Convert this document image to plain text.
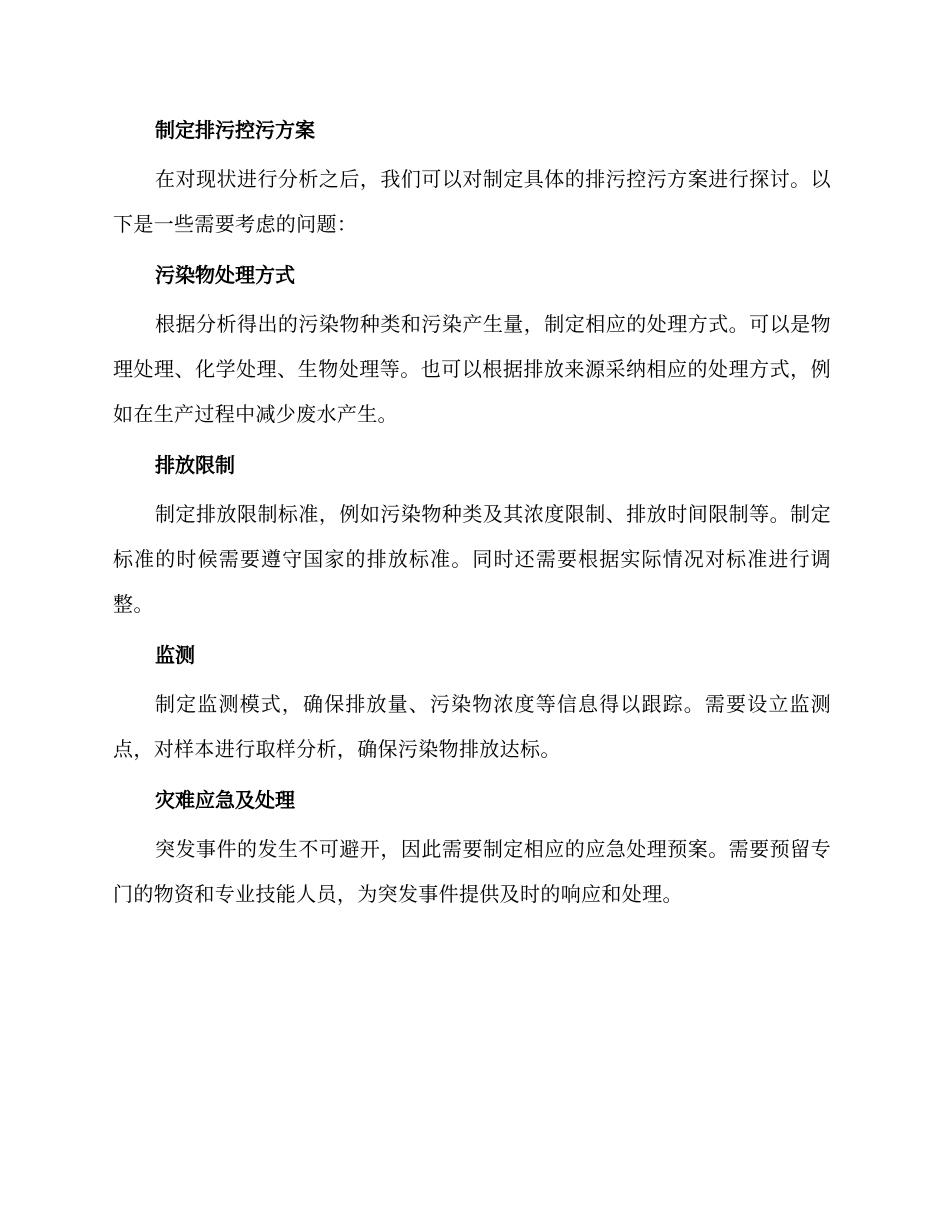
制定排污控污方案

在对现状进行分析之后，我们可以对制定具体的排污控污方案进行探讨。以下是一些需要考虑的问题：

污染物处理方式

根据分析得出的污染物种类和污染产生量，制定相应的处理方式。可以是物理处理、化学处理、生物处理等。也可以根据排放来源采纳相应的处理方式，例如在生产过程中减少废水产生。

排放限制

制定排放限制标准，例如污染物种类及其浓度限制、排放时间限制等。制定标准的时候需要遵守国家的排放标准。同时还需要根据实际情况对标准进行调整。

监测

制定监测模式，确保排放量、污染物浓度等信息得以跟踪。需要设立监测点，对样本进行取样分析，确保污染物排放达标。

灾难应急及处理

突发事件的发生不可避开，因此需要制定相应的应急处理预案。需要预留专门的物资和专业技能人员，为突发事件提供及时的响应和处理。
